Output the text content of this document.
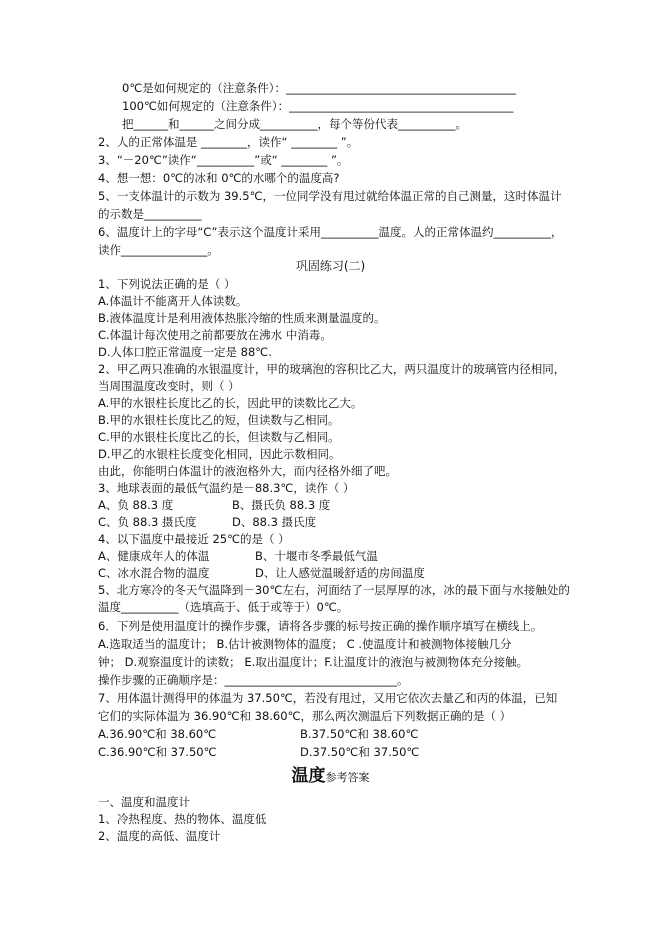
0℃是如何规定的（注意条件）：________________________________________
100℃如何规定的（注意条件）：_______________________________________
把______和______之间分成__________，每个等份代表__________。
2、人的正常体温是 ________，读作“ ________ ”。
3、“－20℃”读作“__________”或“ ________ ”。
4、想一想：0℃的冰和 0℃的水哪个的温度高?
5、一支体温计的示数为 39.5℃，一位同学没有甩过就给体温正常的自己测量，这时体温计
的示数是__________
6、温度计上的字母“C”表示这个温度计采用__________温度。人的正常体温约__________，
读作_______________。
巩固练习(二)
1、下列说法正确的是（ ）
A.体温计不能离开人体读数。
B.液体温度计是利用液体热胀冷缩的性质来测量温度的。
C.体温计每次使用之前都要放在沸水 中消毒。
D.人体口腔正常温度一定是 88℃.
2、甲乙两只准确的水银温度计，甲的玻璃泡的容积比乙大，两只温度计的玻璃管内径相同，
当周围温度改变时，则（ ）
A.甲的水银柱长度比乙的长，因此甲的读数比乙大。
B.甲的水银柱长度比乙的短，但读数与乙相同。
C.甲的水银柱长度比乙的长，但读数与乙相同。
D.甲乙的水银柱长度变化相同，因此示数相同。
由此，你能明白体温计的液泡格外大，而内径格外细了吧。
3、地球表面的最低气温约是－88.3℃，读作（ ）
A、负 88.3 度	B、摄氏负 88.3 度
C、负 88.3 摄氏度	D、88.3 摄氏度
4、以下温度中最接近 25℃的是（ ）
A、健康成年人的体温	B、十堰市冬季最低气温
C、冰水混合物的温度	D、让人感觉温暖舒适的房间温度
5、北方寒冷的冬天气温降到－30℃左右，河面结了一层厚厚的冰，冰的最下面与水接触处的
温度__________（选填高于、低于或等于）0℃。
6．下列是使用温度计的操作步骤，请将各步骤的标号按正确的操作顺序填写在横线上。
A.选取适当的温度计； B.估计被测物体的温度； C .使温度计和被测物体接触几分
钟； D.观察温度计的读数； E.取出温度计；F.让温度计的液泡与被测物体充分接触。
操作步骤的正确顺序是：______________________________。
7、用体温计测得甲的体温为 37.50℃，若没有甩过，又用它依次去量乙和丙的体温，已知
它们的实际体温为 36.90℃和 38.60℃，那么两次测温后下列数据正确的是（ ）
A.36.90℃和 38.60℃	B.37.50℃和 38.60℃
C.36.90℃和 37.50℃	D.37.50℃和 37.50℃
温度参考答案
一、温度和温度计
1、冷热程度、热的物体、温度低
2、温度的高低、温度计
